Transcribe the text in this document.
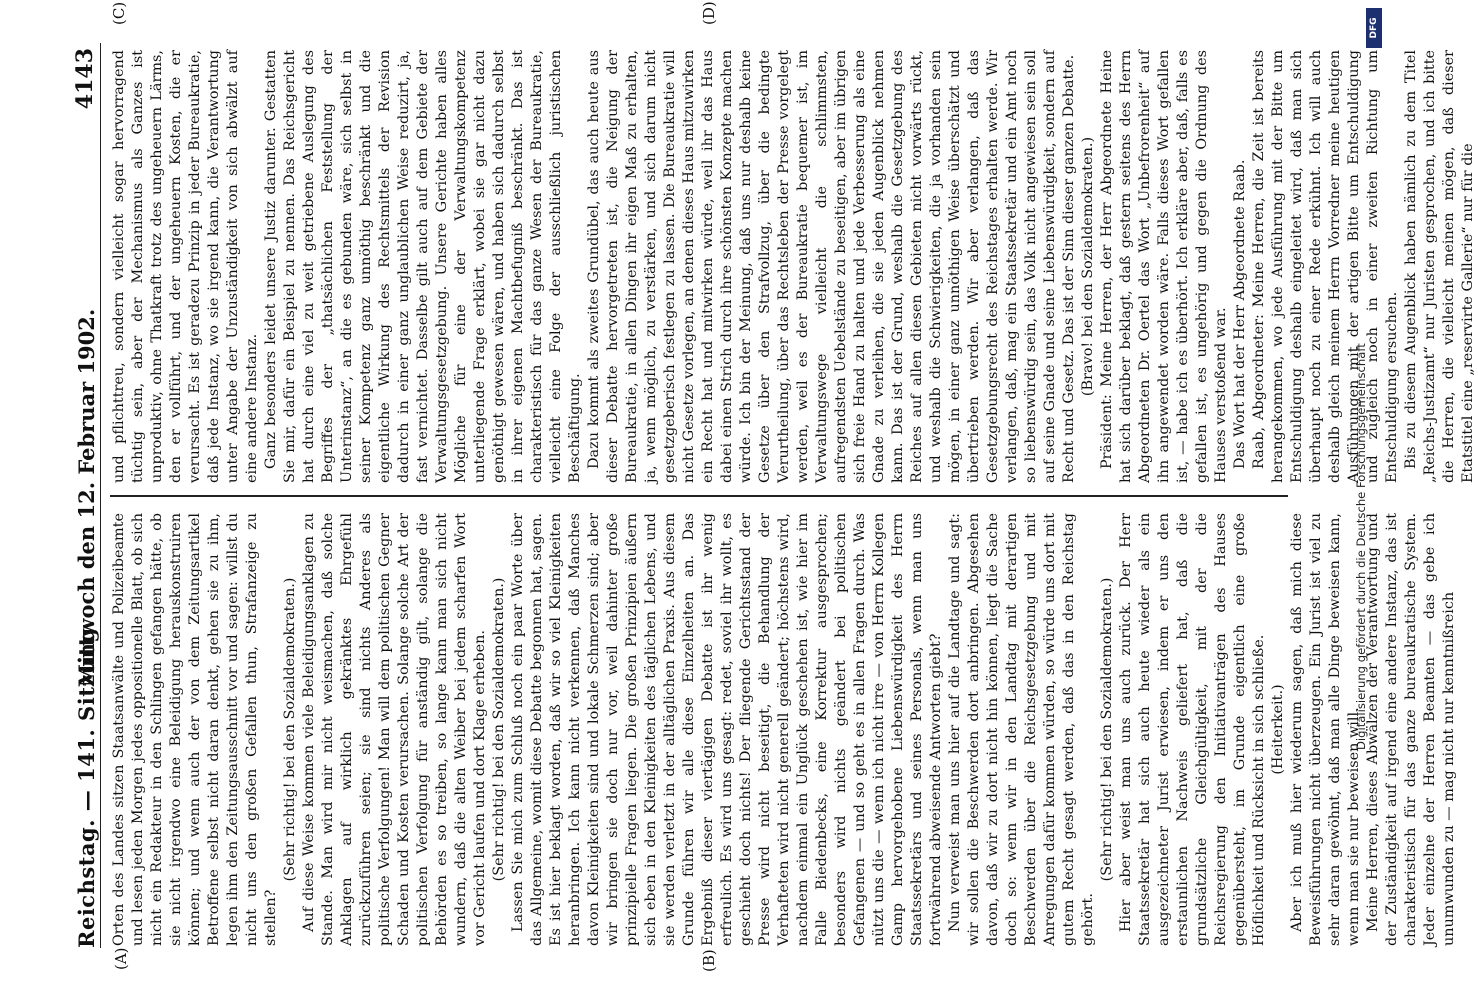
Reichstag. — 141. Sitzung.
Mittwoch den 12. Februar 1902.
4143
(A)	(B)
(C)	(D)

Orten des Landes sitzen Staatsanwälte und Polizeibeamte und lesen jeden Morgen jedes oppositionelle Blatt, ob sich nicht ein Redakteur in den Schlingen gefangen hätte, ob sie nicht irgendwo eine Beleidigung herauskonstruiren können; und wenn auch der von dem Zeitungsartikel Betroffene selbst nicht daran denkt, gehen sie zu ihm, legen ihm den Zeitungsausschnitt vor und sagen: willst du nicht uns den großen Gefallen thun, Strafanzeige zu stellen?

(Sehr richtig! bei den Sozialdemokraten.) Auf diese Weise kommen viele Beleidigungsanklagen zu Stande. Man wird mir nicht weismachen, daß solche Anklagen auf wirklich gekränktes Ehrgefühl zurückzuführen seien; sie sind nichts Anderes als politische Verfolgungen! Man will dem politischen Gegner Schaden und Kosten verursachen. Solange solche Art der politischen Verfolgung für anständig gilt, solange die Behörden es so treiben, so lange kann man sich nicht wundern, daß die alten Weiber bei jedem scharfen Wort vor Gericht laufen und dort Klage erheben. (Sehr richtig! bei den Sozialdemokraten.) Lassen Sie mich zum Schluß noch ein paar Worte über das Allgemeine, womit diese Debatte begonnen hat, sagen. Es ist hier beklagt worden, daß wir so viel Kleinigkeiten heranbringen. Ich kann nicht verkennen, daß Manches davon Kleinigkeiten sind und lokale Schmerzen sind; aber wir bringen sie doch nur vor, weil dahinter große prinzipielle Fragen liegen. Die großen Prinzipien äußern sich eben in den Kleinigkeiten des täglichen Lebens, und sie werden verletzt in der alltäglichen Praxis. Aus diesem Grunde führen wir alle diese Einzelheiten an. Das Ergebniß dieser viertägigen Debatte ist ihr wenig erfreulich. Es wird uns gesagt: redet, soviel ihr wollt, es geschieht doch nichts! Der fliegende Gerichtsstand der Presse wird nicht beseitigt, die Behandlung der Verhafteten wird nicht generell geändert; höchstens wird, nachdem einmal ein Unglück geschehen ist, wie hier im Falle Biedenbecks, eine Korrektur ausgesprochen; besonders wird nichts geändert bei politischen Gefangenen — und so geht es in allen Fragen durch. Was nützt uns die — wenn ich nicht irre — von Herrn Kollegen Gamp hervorgehobene Liebenswürdigkeit des Herrn Staatssekretärs und seines Personals, wenn man uns fortwährend abweisende Antworten giebt? Nun verweist man uns hier auf die Landtage und sagt: wir sollen die Beschwerden dort anbringen. Abgesehen davon, daß wir zu dort nicht hin können, liegt die Sache doch so: wenn wir in den Landtag mit derartigen Beschwerden über die Reichsgesetzgebung und mit Anregungen dafür kommen würden, so würde uns dort mit gutem Recht gesagt werden, daß das in den Reichstag gehört.

(Sehr richtig! bei den Sozialdemokraten.) Hier aber weist man uns auch zurück. Der Herr Staatssekretär hat sich auch heute wieder als ein ausgezeichneter Jurist erwiesen, indem er uns den erstaunlichen Nachweis geliefert hat, daß die grundsätzliche Gleichgültigkeit, mit der die Reichsregierung den Initiativanträgen des Hauses gegenübersteht, im Grunde eigentlich eine große Höflichkeit und Rücksicht in sich schließe. (Heiterkeit.) Aber ich muß hier wiederum sagen, daß mich diese Beweisführungen nicht überzeugen. Ein Jurist ist viel zu sehr daran gewöhnt, daß man alle Dinge beweisen kann, wenn man sie nur beweisen will. Meine Herren, dieses Abwälzen der Verantwortung und der Zuständigkeit auf irgend eine andere Instanz, das ist charakteristisch für das ganze bureaukratische System. Jeder einzelne der Herren Beamten — das gebe ich unumwunden zu — mag nicht nur kenntnißreich

und pflichttreu, sondern vielleicht sogar hervorragend tüchtig sein, aber der Mechanismus als Ganzes ist unproduktiv, ohne Thatkraft trotz des ungeheuern Lärms, den er vollführt, und der ungeheuern Kosten, die er verursacht. Es ist geradezu Prinzip in jeder Bureaukratie, daß jede Instanz, wo sie irgend kann, die Verantwortung unter Angabe der Unzuständigkeit von sich abwälzt auf eine andere Instanz. Ganz besonders leidet unsere Justiz darunter. Gestatten Sie mir, dafür ein Beispiel zu nennen. Das Reichsgericht hat durch eine viel zu weit getriebene Auslegung des Begriffes der „thatsächlichen Feststellung der Unterinstanz“, an die es gebunden wäre, sich selbst in seiner Kompetenz ganz unnöthig beschränkt und die eigentliche Wirkung des Rechtsmittels der Revision dadurch in einer ganz unglaublichen Weise reduzirt, ja, fast vernichtet. Dasselbe gilt auch auf dem Gebiete der Verwaltungsgesetzgebung. Unsere Gerichte haben alles Mögliche für eine der Verwaltungskompetenz unterliegende Frage erklärt, wobei sie gar nicht dazu genöthigt gewesen wären, und haben sich dadurch selbst in ihrer eigenen Machtbefugniß beschränkt. Das ist charakteristisch für das ganze Wesen der Bureaukratie, vielleicht eine Folge der ausschließlich juristischen Beschäftigung. Dazu kommt als zweites Grundübel, das auch heute aus dieser Debatte hervorgetreten ist, die Neigung der Bureaukratie, in allen Dingen ihr eigen Maß zu erhalten, ja, wenn möglich, zu verstärken, und sich darum nicht gesetzgeberisch festlegen zu lassen. Die Bureaukratie will nicht Gesetze vorlegen, an denen dieses Haus mitzuwirken ein Recht hat und mitwirken würde, weil ihr das Haus dabei einen Strich durch ihre schönsten Konzepte machen würde. Ich bin der Meinung, daß uns nur deshalb keine Gesetze über den Strafvollzug, über die bedingte Verurtheilung, über das Rechtsleben der Presse vorgelegt werden, weil es der Bureaukratie bequemer ist, im Verwaltungswege vielleicht die schlimmsten, aufregendsten Uebelstände zu beseitigen, aber im übrigen sich freie Hand zu halten und jede Verbesserung als eine Gnade zu verleihen, die sie jeden Augenblick nehmen kann. Das ist der Grund, weshalb die Gesetzgebung des Reiches auf allen diesen Gebieten nicht vorwärts rückt, und weshalb die Schwierigkeiten, die ja vorhanden sein mögen, in einer ganz unnöthigen Weise überschätzt und übertrieben werden. Wir aber verlangen, daß das Gesetzgebungsrecht des Reichstages erhalten werde. Wir verlangen, daß, mag ein Staatssekretär und ein Amt noch so liebenswürdig sein, das Volk nicht angewiesen sein soll auf seine Gnade und seine Liebenswürdigkeit, sondern auf Recht und Gesetz. Das ist der Sinn dieser ganzen Debatte. (Bravo! bei den Sozialdemokraten.) Präsident: Meine Herren, der Herr Abgeordnete Heine hat sich darüber beklagt, daß gestern seitens des Herrn Abgeordneten Dr. Oertel das Wort „Unbefrorenheit“ auf ihn angewendet worden wäre. Falls dieses Wort gefallen ist, — habe ich es überhört. Ich erkläre aber, daß, falls es gefallen ist, es ungehörig und gegen die Ordnung des Hauses verstoßend war. Das Wort hat der Herr Abgeordnete Raab. Raab, Abgeordneter: Meine Herren, die Zeit ist bereits herangekommen, wo jede Ausführung mit der Bitte um Entschuldigung deshalb eingeleitet wird, daß man sich überhaupt noch zu einer Rede erkühnt. Ich will auch deshalb gleich meinem Herrn Vorredner meine heutigen Ausführungen mit der artigen Bitte um Entschuldigung und zugleich noch in einer zweiten Richtung um Entschuldigung ersuchen. Bis zu diesem Augenblick haben nämlich zu dem Titel „Reichs-Justizamt“ nur Juristen gesprochen, und ich bitte die Herren, die vielleicht meinen mögen, daß dieser Etatstitel eine „reservirte Gallerie“ nur für die

Digitalisierung gefördert durch die Deutsche Forschungsgemeinschaft
DFG
